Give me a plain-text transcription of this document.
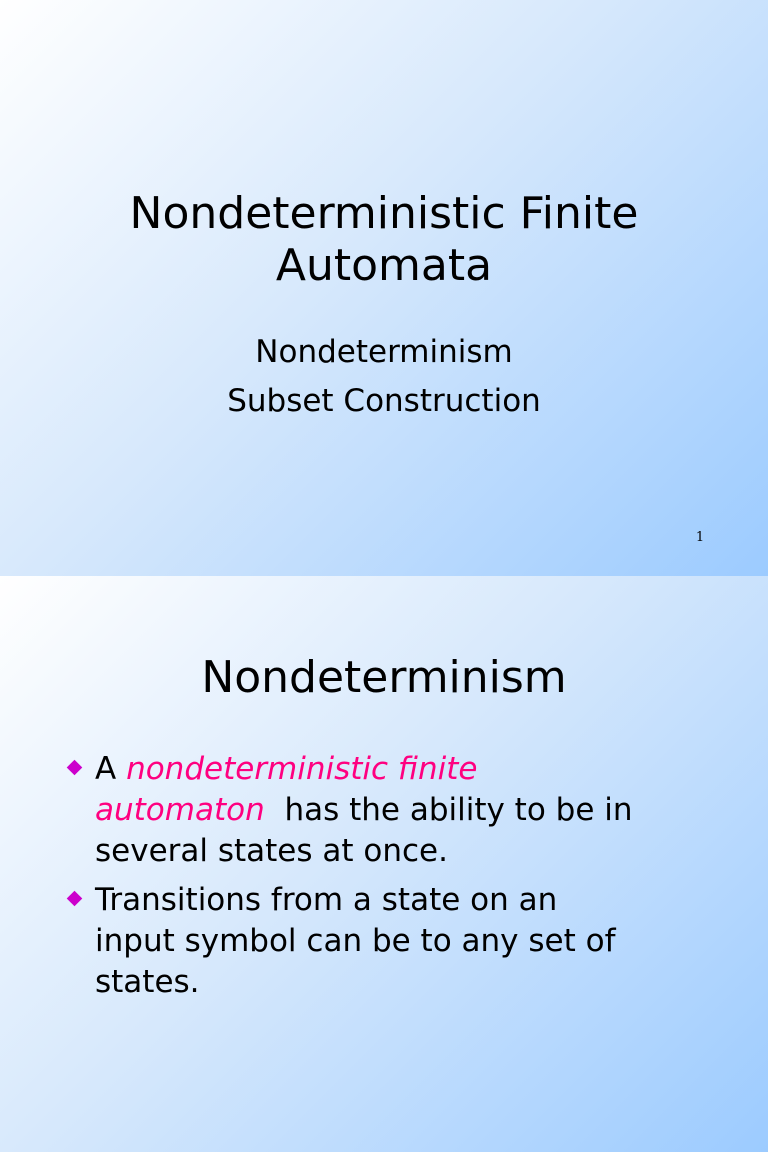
Nondeterministic Finite
Automata
Nondeterminism
Subset Construction
1
Nondeterminism
A nondeterministic finite
automaton  has the ability to be in
several states at once.
Transitions from a state on an
input symbol can be to any set of
states.
